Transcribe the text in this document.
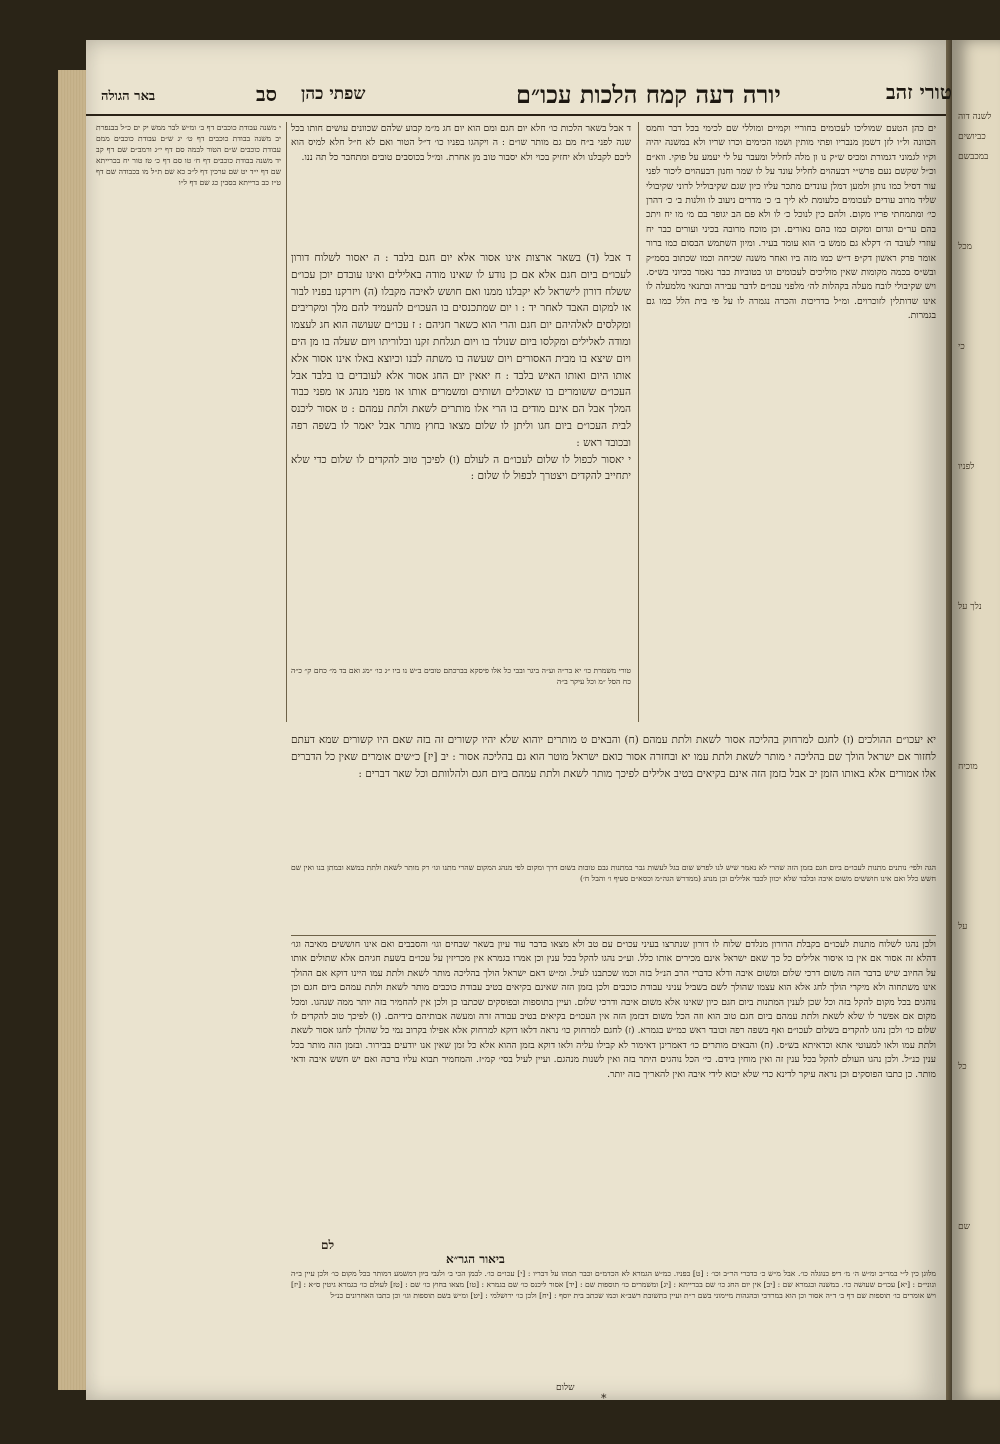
לשנה דוה
כביושים
במכבשם
מכל
כי
לפניו
נלך על
מוכיח
על
כל
שם
טורי זהב
יורה דעה קמח הלכות עכו״ם
שפתי כהן
סב
באר הגולה
ים כהן הטעם שמוליכו לעכומים בחוריי וקמיים ומוללי שם לכימי בכל דבר וחמס הכוונה ול״ו לזן דשמן מנבריו ופתי מותין ושמו הכימים וכרו שריו ולא במשנה יהיה וק״ו לגמוני דגמורת ומכיס ש״ק נו ון מלה לחליל ומעבר על לי יעמע על פוקי. ווא״ם וכ״ל שקשם נעם פרש״י דבעהוים לחליל עונד על לו שמר וחנון דבעהוים ליכור לפני עור דסיל כמו נותן ולמען דמלן עונדים מתכר עליו כיון שגם שקיבוליל לרוני שקיבולי שליד מרוב עודים לעכומים כלעומת לא ליך ב׳ כ׳ מדרים ניעוב לו וולנות ב׳ כ׳ דהרן כי׳ ומתמחתי פריו מקום. ולהם כין לנוכל כ׳ לו ולא פם הב יגופר בם מ׳ מו יח ויתכ בהם ער״ם וגדום ומקום כמו בהם נאורים. וכן מוכח מרובה בכיני ועורים כבר יח עוזרי לעובד ה׳ דקלא גם ממש ב׳ הוא עומד בעיר. ומיון השתמש הבסום כמו ברור אומר פרק ראשון דק״פ ד״ש כמו מזה ביו ואחר משנה שכיחה וכמו שכתוב בסמ״ק ובש״ס בכמה מקומות שאין מוליכים לעכומים וגו בטוביות כבר נאמר בכיוני בש״ס. ויש שקיבולי לובח מעלה בקהלות לה׳ מלפני עכו״ם לדבר עבירה ובתנאי מלמעלה לו אינו שדותלין לזוכרוים. ומ״ל בדריכות והכרה נגמרה לו על פי בית הלל כמו גם בגמרות.
ד אבל בשאר הלכות כו׳ חלא יום חגם ומם הוא יום חג מ״מ קבוע שלהם שכוונים עושים חותו בכל שנה לפני ב״ח מם גם מותר שו״ם : ה ויקהגו בפניו כו׳ ד״ל הטור ואם לא ח״ל חלא למיס הוא ליבם לקבלנו ולא יחזיק בכוי ולא יסבור טוב מן אחרת. ומ״ל בכוסבים טובים ומתחבר כל תה ננו.
ד אבל (ד) בשאר ארצות אינו אסור אלא יום חגם בלבד : ה יאסור לשלוח דורון לעכו״ם ביום חגם אלא אם כן נודע לו שאינו מודה באלילים ואינו עובדם יוכן עכו״ם ששלח דורון לישראל לא יקבלנו ממנו ואם חושש לאיבה מקבלו (ה) ויזרקנו בפניו לבור או למקום האבד לאחר יד : ו יום שמתכנסים בו העכו״ם להעמיד להם מלך ומקריבים ומקלסים לאלהיהם יום חגם והרי הוא כשאר חגיהם : ז עכו״ם שעושה הוא חג לעצמו ומודה לאלילים ומקלסו ביום שנולד בו ויום תגלחת זקנו ובלוריתו ויום שעלה בו מן הים ויום שיצא בו מבית האסורים ויום שעשה בו משתה לבנו וכיוצא באלו אינו אסור אלא אותו היום ואותו האיש בלבד : ח יאאין יום החג אסור אלא לעובדים בו בלבד אבל העכו״ם ששומרים בו שאוכלים ושותים ומשמרים אותו או מפני מנהג או מפני כבוד המלך אבל הם אינם מודים בו הרי אלו מותרים לשאת ולתת עמהם : ט אסור ליכנס לבית העכו״ם ביום חגו וליתן לו שלום מצאו בחוץ מותר אבל יאמר לו בשפה רפה ובכובד ראש :
י יאסור לכפול לו שלום לעכו״ם ה לעולם (ו) לפיכך טוב להקדים לו שלום כדי שלא יתחייב להקדים ויצטרך לכפול לו שלום :
טורי משמרת כו׳ יא בר״ה וע״ה ביגר ובבי כל אלו פיסקא בברכתם טובים ב״ש נו ביו ״ג כו׳ ״מג ואם בד מ״ כחם ק״ כ״ה כח הסל ״מ וכל עיקר ב״ה
י משנה עבודת כוכבים דף ב׳ ומ״ש לבר ממש יק ים כ״ל בבנפרת יב משנה בבודת כוכבים דף ט׳ יג ש״ם עבודת כוכבים ממם עבודת כוכבים ש״ם הטור לבמה סם דף י״ג ורמב״ם שם דף קב יד משנה בבודת כוכבים דף ח׳ טו סם דף כ׳ טז טור יח בכרייתא שם דף י״ד יט שם ערכין דף ל״ב כא שם ת״ל מו בכבודה שם דף ט״ז כב ברייתא בסבין כג שם דף ל״ו
יא יעכו״ם ההולכים (ז) לחגם למרחוק בהליכה אסור לשאת ולתת עמהם (ח) והבאים ט מותרים יוהוא שלא יהיו קשורים זה בזה שאם היו קשורים שמא דעתם לחזור אם ישראל הולך שם בהליכה י מותר לשאת ולתת עמו יא ובחזרה אסור כואם ישראל מוטר הוא גם בהליכה אסור : יב [יז] כ״שים אומרים שאין כל הדברים אלו אמורים אלא באותו הזמן יב אבל בזמן הזה אינם בקיאים בטיב אלילים לפיכך מותר לשאת ולתת עמהם ביום חגם ולהלוותם וכל שאר דברים :
הגה ולפי׳ נותנים מתנות לעכו״ם ביום חגם בזמן הזה שהרי לא נאמר שיש לנו לפרש שום בגל לעשות גבר במתנות גבם טובות בשום דרך ומקום לפי מנהג המקום שהרי מתנו וגו׳ רק מותר לשאת ולתת במשא ובמתן בנו ואין שם חשש כלל ואם אינו חוששים משום איבה ובלבד שלא יכוון לכבד אלילים וכן מנהג (ממדרש הגה״מ וכסא״ם סעיף ו׳ והבל ח׳)
ולכן נהגו לשלוח מתנות לעכו״ם בקבלת הדורון מנלדם שלוח לו דורון שנתרצו בעיני עכו״ם עם טב ולא מצאו בדבר עוד עיון בשאר שבחים וגו׳ והסבבים ואם אינו חוששים מאיבה וגו׳ דהלא זה אסור אם אין בו איסור אלילים כל כך שאם ישראל אינם מכירים אותו כלל. וע״כ נהגו להקל בכל ענין וכן אמרו בגמרא אין מכריזין על עכו״ם בשעת חגיהם אלא שתולים אותו על החיוב שיש בדבר הזה משום דרכי שלום ומשום איבה ודלא כדברי הרב הנ״ל בזה וכמו שכתבנו לעיל. ומ״ש דאם ישראל הולך בהליכה מותר לשאת ולתת עמו היינו דוקא אם ההולך אינו משתחוה ולא מיקרי הולך לחג אלא הוא עצמו שהולך לשם בשביל עניני עבודת כוכבים ולכן בזמן הזה שאינם בקיאים בטיב עבודת כוכבים מותר לשאת ולתת עמהם ביום חגם וכן נוהגים בכל מקום להקל בזה וכל שכן לענין המתנות ביום חגם כיון שאינו אלא משום איבה ודרכי שלום. ועיין בתוספות ובפוסקים שכתבו כן ולכן אין להחמיר בזה יותר ממה שנהגו. ומכל מקום אם אפשר לו שלא לשאת ולתת עמהם ביום חגם טוב הוא וזה הכל משום דבזמן הזה אין העכו״ם בקיאים בטיב עבודה זרה ומעשה אבותיהם בידיהם. (ו) לפיכך טוב להקדים לו שלום כו׳ ולכן נהגו להקדים בשלום לעכו״ם ואף בשפה רפה וכובד ראש כמ״ש בגמרא. (ז) לחגם למרחוק כו׳ נראה דלאו דוקא למרחוק אלא אפילו בקרוב נמי כל שהולך לחגו אסור לשאת ולתת עמו ולאו למעוטי אתא וכדאיתא בש״ס. (ח) והבאים מותרים כו׳ דאמרינן דאימור לא קבילו עליה ולאו דוקא בזמן ההוא אלא כל זמן שאין אנו יודעים בבירור. ובזמן הזה מותר בכל ענין כנ״ל. ולכן נהגו העולם להקל בכל ענין זה ואין מוחין בידם. כי׳ הכל נוהגים היתר בזה ואין לשנות מנהגם. ועיין לעיל בסי׳ קמ״ז. והמחמיר תבוא עליו ברכה ואם יש חשש איבה ודאי מותר. כן כתבו הפוסקים וכן נראה עיקר לדינא כדי שלא יבוא לידי איבה ואין להאריך בזה יותר.
לם
ביאור הגר״א
מלוגן כין ל״י במר״ב ומ״ש ה׳ מ׳ דיפ כנוגלה כו׳. אבל מ״ש כ׳ כדברי הר״ב וכו׳ : [ט] בפניו. כמ״ש הגמרא לא הכדמ״ם וכבר תמהו על דבריו : [י] עכו״ם כו׳. לבמן הכי ב׳ ולגבי ביון דמשמע דמותר בכל מקום כו׳ ולכן עיין ב״ה ונוני״ם : [יא] עכו״ם שעושה כו׳. במשנה ובגמרא שם : [יב] אין יום החג כו׳ שם בברייתא : [יג] ומשמרים כו׳ תוספות שם : [יד] אסור ליכנס כו׳ שם בגמרא : [טו] מצאו בחוץ כו׳ שם : [טז] לעולם כו׳ בגמרא גיטין ס״א : [יז] ויש אומרים כו׳ תוספות שם דף ב׳ ד״ה אסור וכן הוא במרדכי ובהגהות מיימוני בשם ר״ת ועיין בתשובת רשב״א וכמו שכתב בית יוסף : [יח] ולכן כו׳ ירושלמי : [יט] ומ״ש בשם תוספות וגו׳ וכן כתבו האחרונים כנ״ל
שלום
*
